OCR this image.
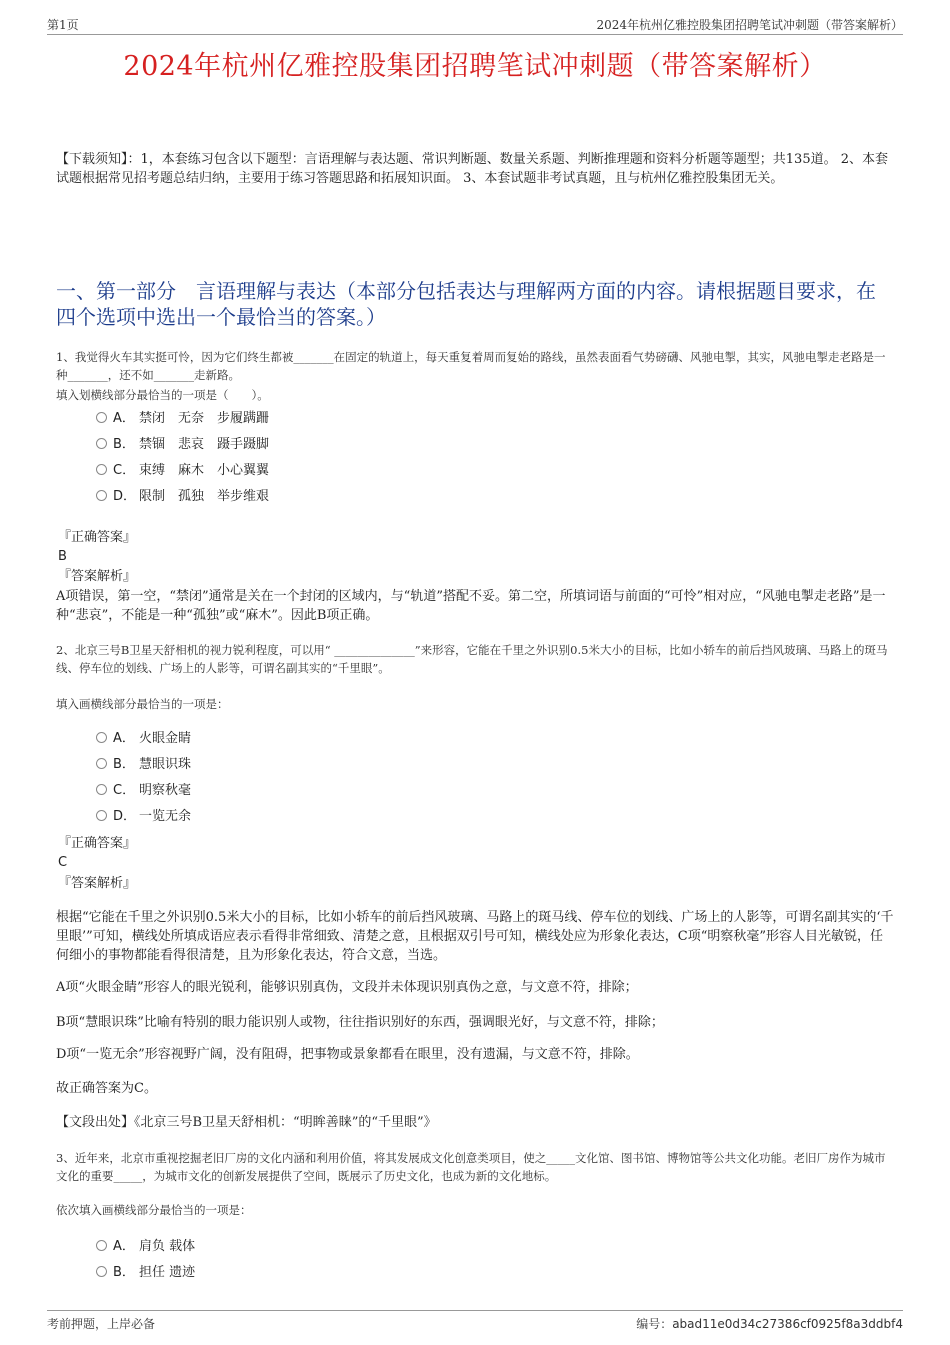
第1页	2024年杭州亿雅控股集团招聘笔试冲刺题（带答案解析）
2024年杭州亿雅控股集团招聘笔试冲刺题（带答案解析）
【下载须知】：1，本套练习包含以下题型：言语理解与表达题、常识判断题、数量关系题、判断推理题和资料分析题等题型；共135道。 2、本套试题根据常见招考题总结归纳，主要用于练习答题思路和拓展知识面。 3、本套试题非考试真题，且与杭州亿雅控股集团无关。
一、第一部分　言语理解与表达（本部分包括表达与理解两方面的内容。请根据题目要求，在四个选项中选出一个最恰当的答案。）
1、我觉得火车其实挺可怜，因为它们终生都被_______在固定的轨道上，每天重复着周而复始的路线，虽然表面看气势磅礴、风驰电掣，其实，风驰电掣走老路是一种_______，还不如_______走新路。
填入划横线部分最恰当的一项是（　　）。
A． 禁闭　无奈　步履蹒跚
B． 禁锢　悲哀　蹑手蹑脚
C． 束缚　麻木　小心翼翼
D． 限制　孤独　举步维艰
『正确答案』
B
『答案解析』
A项错误，第一空，“禁闭”通常是关在一个封闭的区域内，与“轨道”搭配不妥。第二空，所填词语与前面的“可怜”相对应，“风驰电掣走老路”是一种“悲哀”，不能是一种“孤独”或“麻木”。因此B项正确。
2、北京三号B卫星天舒相机的视力锐利程度，可以用“ ______________”来形容，它能在千里之外识别0.5米大小的目标，比如小轿车的前后挡风玻璃、马路上的斑马线、停车位的划线、广场上的人影等，可谓名副其实的“千里眼”。
填入画横线部分最恰当的一项是：
A． 火眼金睛
B． 慧眼识珠
C． 明察秋毫
D． 一览无余
『正确答案』
C
『答案解析』
根据“它能在千里之外识别0.5米大小的目标，比如小轿车的前后挡风玻璃、马路上的斑马线、停车位的划线、广场上的人影等，可谓名副其实的‘千里眼’”可知，横线处所填成语应表示看得非常细致、清楚之意，且根据双引号可知，横线处应为形象化表达，C项“明察秋毫”形容人目光敏锐，任何细小的事物都能看得很清楚，且为形象化表达，符合文意，当选。
A项“火眼金睛”形容人的眼光锐利，能够识别真伪，文段并未体现识别真伪之意，与文意不符，排除；
B项“慧眼识珠”比喻有特别的眼力能识别人或物，往往指识别好的东西，强调眼光好，与文意不符，排除；
D项“一览无余”形容视野广阔，没有阻碍，把事物或景象都看在眼里，没有遗漏，与文意不符，排除。
故正确答案为C。
【文段出处】《北京三号B卫星天舒相机：“明眸善睐”的“千里眼”》
3、近年来，北京市重视挖掘老旧厂房的文化内涵和利用价值，将其发展成文化创意类项目，使之_____文化馆、图书馆、博物馆等公共文化功能。老旧厂房作为城市文化的重要_____，为城市文化的创新发展提供了空间，既展示了历史文化，也成为新的文化地标。
依次填入画横线部分最恰当的一项是：
A． 肩负 载体
B． 担任 遗迹
考前押题，上岸必备	编号：abad11e0d34c27386cf0925f8a3ddbf4
